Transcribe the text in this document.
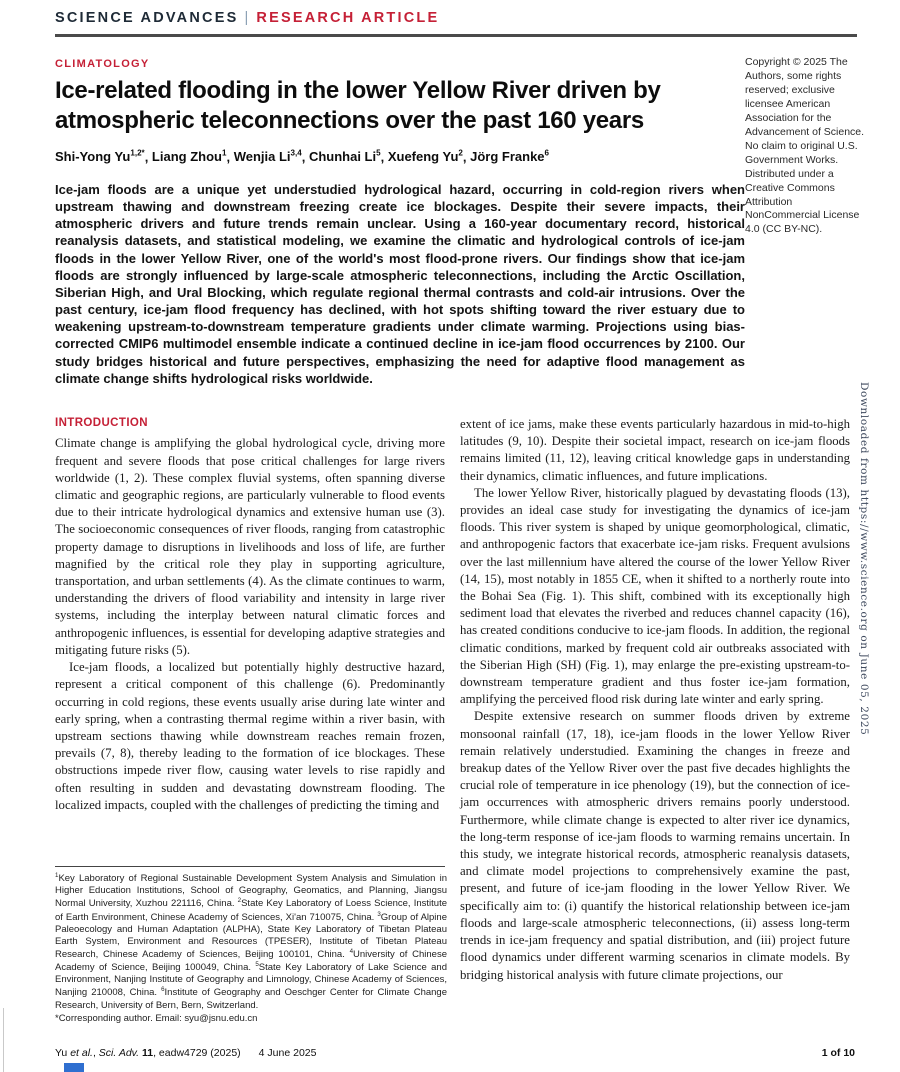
SCIENCE ADVANCES | RESEARCH ARTICLE
CLIMATOLOGY
Ice-related flooding in the lower Yellow River driven by atmospheric teleconnections over the past 160 years
Shi-Yong $Yu^{1,2*}$, Liang Zhou$^1$, Wenjia Li$^{3,4}$, Chunhai Li$^5$, Xuefeng Yu$^2$, Jörg Franke$^6$
Ice-jam floods are a unique yet understudied hydrological hazard, occurring in cold-region rivers when upstream thawing and downstream freezing create ice blockages. Despite their severe impacts, their atmospheric drivers and future trends remain unclear. Using a 160-year documentary record, historical reanalysis datasets, and statistical modeling, we examine the climatic and hydrological controls of ice-jam floods in the lower Yellow River, one of the world's most flood-prone rivers. Our findings show that ice-jam floods are strongly influenced by large-scale atmospheric teleconnections, including the Arctic Oscillation, Siberian High, and Ural Blocking, which regulate regional thermal contrasts and cold-air intrusions. Over the past century, ice-jam flood frequency has declined, with hot spots shifting toward the river estuary due to weakening upstream-to-downstream temperature gradients under climate warming. Projections using bias-corrected CMIP6 multimodel ensemble indicate a continued decline in ice-jam flood occurrences by 2100. Our study bridges historical and future perspectives, emphasizing the need for adaptive flood management as climate change shifts hydrological risks worldwide.
Copyright © 2025 The Authors, some rights reserved; exclusive licensee American Association for the Advancement of Science. No claim to original U.S. Government Works. Distributed under a Creative Commons Attribution NonCommercial License 4.0 (CC BY-NC).

INTRODUCTION

Climate change is amplifying the global hydrological cycle, driving more frequent and severe floods that pose critical challenges for large rivers worldwide (1, 2). These complex fluvial systems, often spanning diverse climatic and geographic regions, are particularly vulnerable to flood events due to their intricate hydrological dynamics and extensive human use (3). The socioeconomic consequences of river floods, ranging from catastrophic property damage to disruptions in livelihoods and loss of life, are further magnified by the critical role they play in supporting agriculture, transportation, and urban settlements (4). As the climate continues to warm, understanding the drivers of flood variability and intensity in large river systems, including the interplay between natural climatic forces and anthropogenic influences, is essential for developing adaptive strategies and mitigating future risks (5).

Ice-jam floods, a localized but potentially highly destructive hazard, represent a critical component of this challenge (6). Predominantly occurring in cold regions, these events usually arise during late winter and early spring, when a contrasting thermal regime within a river basin, with upstream sections thawing while downstream reaches remain frozen, prevails (7, 8), thereby leading to the formation of ice blockages. These obstructions impede river flow, causing water levels to rise rapidly and often resulting in sudden and devastating downstream flooding. The localized impacts, coupled with the challenges of predicting the timing and

extent of ice jams, make these events particularly hazardous in mid-to-high latitudes (9, 10). Despite their societal impact, research on ice-jam floods remains limited (11, 12), leaving critical knowledge gaps in understanding their dynamics, climatic influences, and future implications.

The lower Yellow River, historically plagued by devastating floods (13), provides an ideal case study for investigating the dynamics of ice-jam floods. This river system is shaped by unique geomorphological, climatic, and anthropogenic factors that exacerbate ice-jam risks. Frequent avulsions over the last millennium have altered the course of the lower Yellow River (14, 15), most notably in 1855 CE, when it shifted to a northerly route into the Bohai Sea (Fig. 1). This shift, combined with its exceptionally high sediment load that elevates the riverbed and reduces channel capacity (16), has created conditions conducive to ice-jam floods. In addition, the regional climatic conditions, marked by frequent cold air outbreaks associated with the Siberian High (SH) (Fig. 1), may enlarge the pre-existing upstream-to-downstream temperature gradient and thus foster ice-jam formation, amplifying the perceived flood risk during late winter and early spring.

Despite extensive research on summer floods driven by extreme monsoonal rainfall (17, 18), ice-jam floods in the lower Yellow River remain relatively understudied. Examining the changes in freeze and breakup dates of the Yellow River over the past five decades highlights the crucial role of temperature in ice phenology (19), but the connection of ice-jam occurrences with atmospheric drivers remains poorly understood. Furthermore, while climate change is expected to alter river ice dynamics, the long-term response of ice-jam floods to warming remains uncertain. In this study, we integrate historical records, atmospheric reanalysis datasets, and climate model projections to comprehensively examine the past, present, and future of ice-jam flooding in the lower Yellow River. We specifically aim to: (i) quantify the historical relationship between ice-jam floods and large-scale atmospheric teleconnections, (ii) assess long-term trends in ice-jam frequency and spatial distribution, and (iii) project future flood dynamics under different warming scenarios in climate models. By bridging historical analysis with future climate projections, our

$^1$Key Laboratory of Regional Sustainable Development System Analysis and Simulation in Higher Education Institutions, School of Geography, Geomatics, and Planning, Jiangsu Normal University, Xuzhou 221116, China. $^2$State Key Laboratory of Loess Science, Institute of Earth Environment, Chinese Academy of Sciences, Xi'an 710075, China. $^3$Group of Alpine Paleoecology and Human Adaptation (ALPHA), State Key Laboratory of Tibetan Plateau Earth System, Environment and Resources (TPESER), Institute of Tibetan Plateau Research, Chinese Academy of Sciences, Beijing 100101, China. $^4$University of Chinese Academy of Science, Beijing 100049, China. $^5$State Key Laboratory of Lake Science and Environment, Nanjing Institute of Geography and Limnology, Chinese Academy of Sciences, Nanjing 210008, China. $^6$Institute of Geography and Oeschger Center for Climate Change Research, University of Bern, Bern, Switzerland.
*Corresponding author. Email: syu@jsnu.edu.cn
Yu et al., Sci. Adv. 11, eadw4729 (2025) 4 June 2025	1 of 10
Downloaded from https://www.science.org on June 05, 2025
